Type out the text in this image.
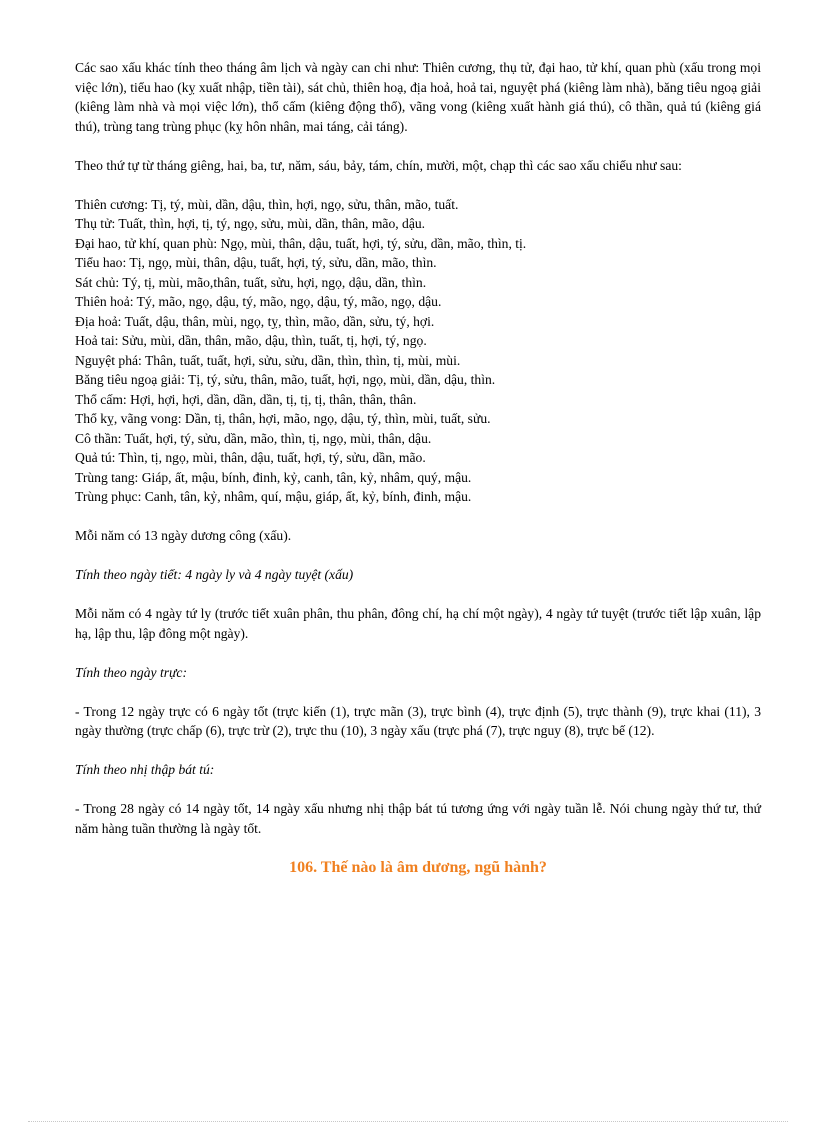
Các sao xấu khác tính theo tháng âm lịch và ngày can chi như: Thiên cương, thụ tử, đại hao, tử khí, quan phù (xấu trong mọi việc lớn), tiểu hao (kỵ xuất nhập, tiền tài), sát chủ, thiên hoạ, địa hoả, hoả tai, nguyệt phá (kiêng làm nhà), băng tiêu ngoạ giải (kiêng làm nhà và mọi việc lớn), thổ cấm (kiêng động thổ), vãng vong (kiêng xuất hành giá thú), cô thần, quả tú (kiêng giá thú), trùng tang trùng phục (kỵ hôn nhân, mai táng, cải táng).

Theo thứ tự từ tháng giêng, hai, ba, tư, năm, sáu, bảy, tám, chín, mười, một, chạp thì các sao xấu chiếu như sau:

Thiên cương: Tị, tý, mùi, dần, dậu, thìn, hợi, ngọ, sửu, thân, mão, tuất.

Thụ tử: Tuất, thìn, hợi, tị, tý, ngọ, sửu, mùi, dần, thân, mão, dậu.

Đại hao, tử khí, quan phù: Ngọ, mùi, thân, dậu, tuất, hợi, tý, sửu, dần, mão, thìn, tị.

Tiểu hao: Tị, ngọ, mùi, thân, dậu, tuất, hợi, tý, sửu, dần, mão, thìn.

Sát chủ: Tý, tị, mùi, mão,thân, tuất, sửu, hợi, ngọ, dậu, dần, thìn.

Thiên hoả: Tý, mão, ngọ, dậu, tý, mão, ngọ, dậu, tý, mão, ngọ, dậu.

Địa hoả: Tuất, dậu, thân, mùi, ngọ, tỵ, thìn, mão, dần, sửu, tý, hợi.

Hoả tai: Sửu, mùi, dần, thân, mão, dậu, thìn, tuất, tị, hợi, tý, ngọ.

Nguyệt phá: Thân, tuất, tuất, hợi, sửu, sửu, dần, thìn, thìn, tị, mùi, mùi.

Băng tiêu ngoạ giải: Tị, tý, sửu, thân, mão, tuất, hợi, ngọ, mùi, dần, dậu, thìn.

Thổ cấm: Hợi, hợi, hợi, dần, dần, dần, tị, tị, tị, thân, thân, thân.

Thổ kỵ, vãng vong: Dần, tị, thân, hợi, mão, ngọ, dậu, tý, thìn, mùi, tuất, sửu.

Cô thần: Tuất, hợi, tý, sửu, dần, mão, thìn, tị, ngọ, mùi, thân, dậu.

Quả tú: Thìn, tị, ngọ, mùi, thân, dậu, tuất, hợi, tý, sửu, dần, mão.

Trùng tang: Giáp, ất, mậu, bính, đinh, kỷ, canh, tân, kỷ, nhâm, quý, mậu.

Trùng phục: Canh, tân, kỷ, nhâm, quí, mậu, giáp, ất, kỷ, bính, đinh, mậu.

Mỗi năm có 13 ngày dương công (xấu).

Tính theo ngày tiết: 4 ngày ly và 4 ngày tuyệt (xấu)

Mỗi năm có 4 ngày tứ ly (trước tiết xuân phân, thu phân, đông chí, hạ chí một ngày), 4 ngày tứ tuyệt (trước tiết lập xuân, lập hạ, lập thu, lập đông một ngày).

Tính theo ngày trực:

- Trong 12 ngày trực có 6 ngày tốt (trực kiến (1), trực mãn (3), trực bình (4), trực định (5), trực thành (9), trực khai (11), 3 ngày thường (trực chấp (6), trực trừ (2), trực thu (10), 3 ngày xấu (trực phá (7), trực nguy (8), trực bế (12).

Tính theo nhị thập bát tú:

- Trong 28 ngày có 14 ngày tốt, 14 ngày xấu nhưng nhị thập bát tú tương ứng với ngày tuần lễ. Nói chung ngày thứ tư, thứ năm hàng tuần thường là ngày tốt.

106. Thế nào là âm dương, ngũ hành?
